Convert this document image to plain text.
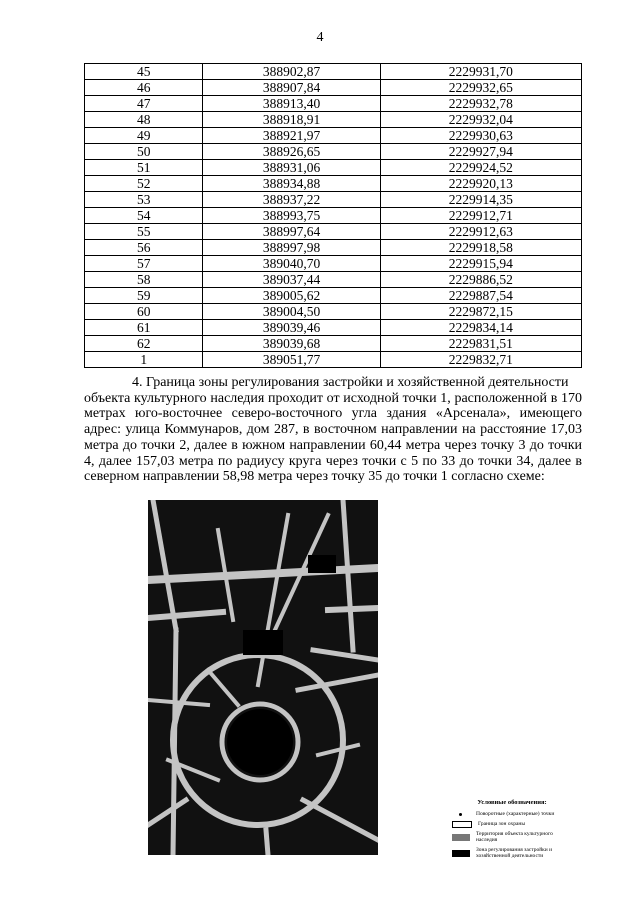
4
45	388902,87	2229931,70
46	388907,84	2229932,65
47	388913,40	2229932,78
48	388918,91	2229932,04
49	388921,97	2229930,63
50	388926,65	2229927,94
51	388931,06	2229924,52
52	388934,88	2229920,13
53	388937,22	2229914,35
54	388993,75	2229912,71
55	388997,64	2229912,63
56	388997,98	2229918,58
57	389040,70	2229915,94
58	389037,44	2229886,52
59	389005,62	2229887,54
60	389004,50	2229872,15
61	389039,46	2229834,14
62	389039,68	2229831,51
1	389051,77	2229832,71

4. Граница зоны регулирования застройки и хозяйственной деятельности
объекта культурного наследия проходит от исходной точки 1, расположенной в 170 метрах юго-восточнее северо-восточного угла здания «Арсенала», имеющего адрес: улица Коммунаров, дом 287, в восточном направлении на расстояние 17,03 метра до точки 2, далее в южном направлении 60,44 метра через точку 3 до точки 4, далее 157,03 метра по радиусу круга через точки с 5 по 33 до точки 34, далее в северном направлении 58,98 метра через точку 35 до точки 1 согласно схеме:

Условные обозначения:
Поворотные (характерные) точки
Граница зон охраны
Территория объекта культурного наследия
Зона регулирования застройки и хозяйственной деятельности
